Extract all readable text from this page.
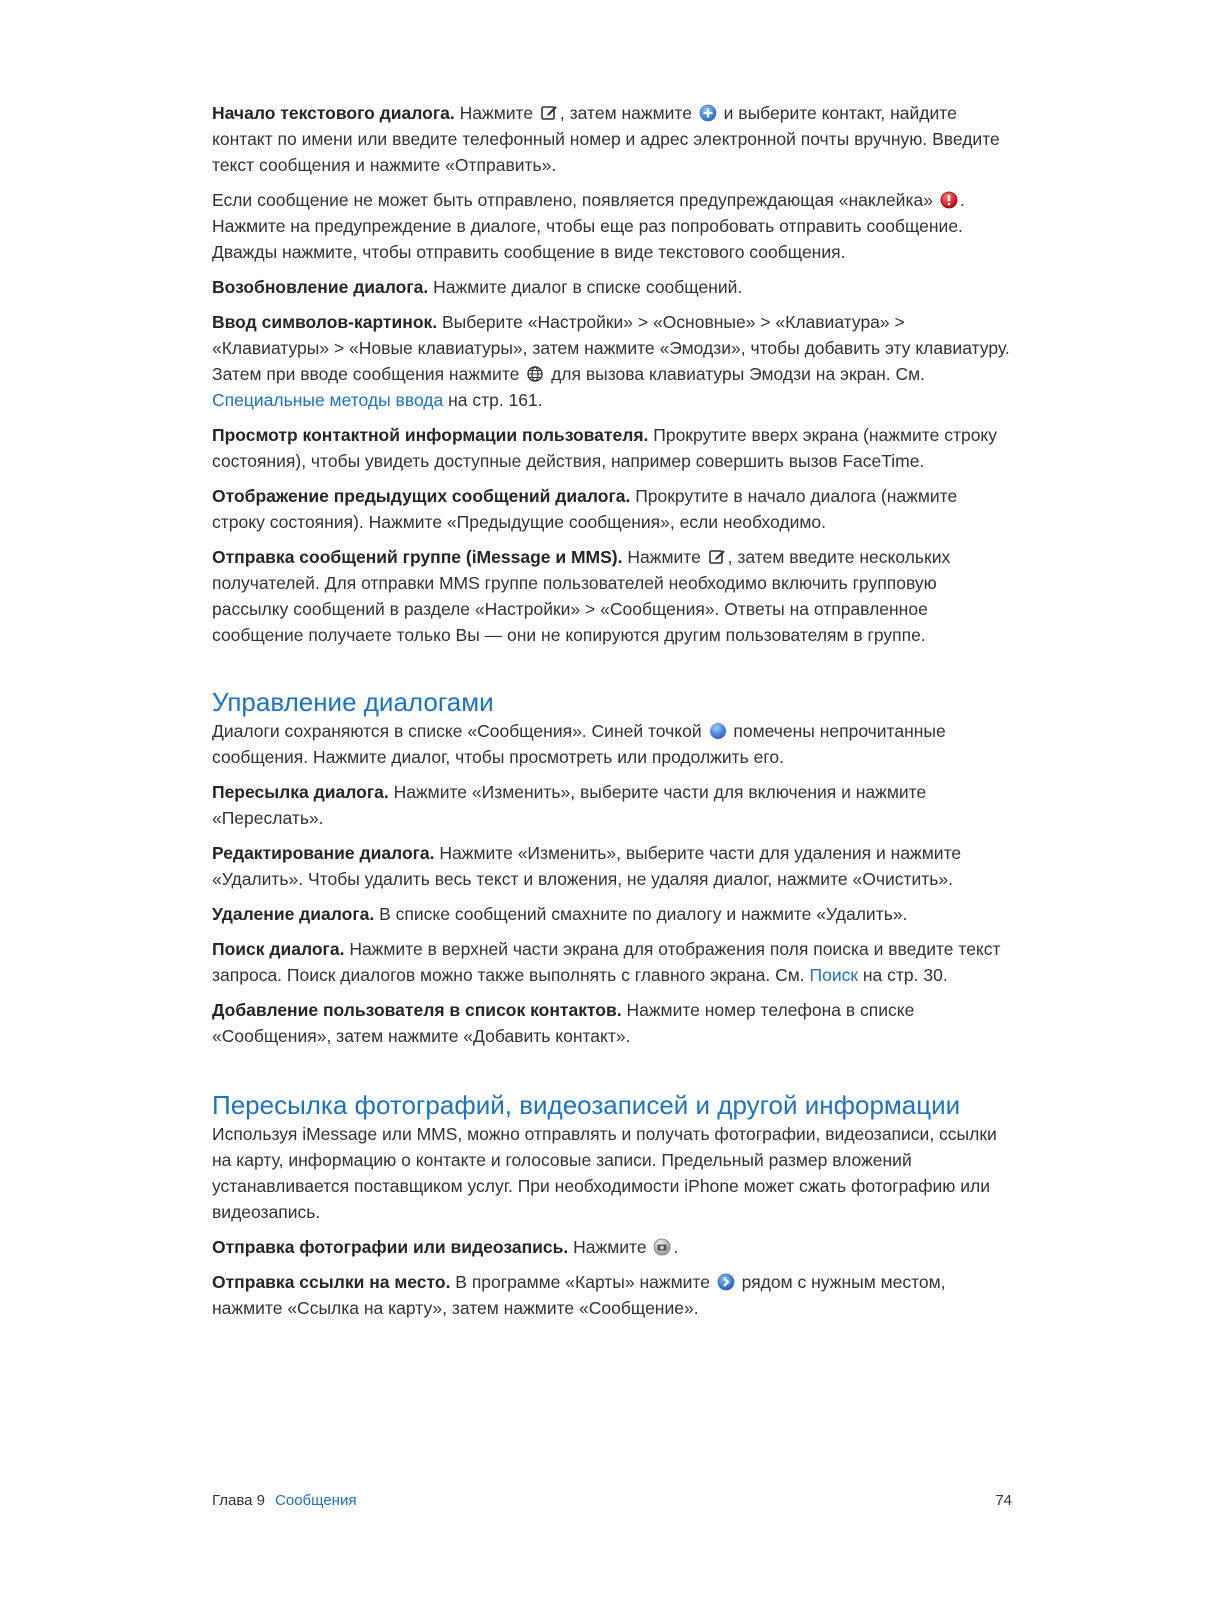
Начало текстового диалога. Нажмите
, затем нажмите
и выберите контакт, найдите контакт по имени или введите телефонный номер и адрес электронной почты вручную. Введите текст сообщения и нажмите «Отправить».

Если сообщение не может быть отправлено, появляется предупреждающая «наклейка»
. Нажмите на предупреждение в диалоге, чтобы еще раз попробовать отправить сообщение. Дважды нажмите, чтобы отправить сообщение в виде текстового сообщения.

Возобновление диалога. Нажмите диалог в списке сообщений.

Ввод символов-картинок. Выберите «Настройки» > «Основные» > «Клавиатура» > «Клавиатуры» > «Новые клавиатуры», затем нажмите «Эмодзи», чтобы добавить эту клавиатуру. Затем при вводе сообщения нажмите
для вызова клавиатуры Эмодзи на экран. См. Специальные методы ввода на стр. 161.

Просмотр контактной информации пользователя. Прокрутите вверх экрана (нажмите строку состояния), чтобы увидеть доступные действия, например совершить вызов FaceTime.

Отображение предыдущих сообщений диалога. Прокрутите в начало диалога (нажмите строку состояния). Нажмите «Предыдущие сообщения», если необходимо.

Отправка сообщений группе (iMessage и MMS). Нажмите
, затем введите нескольких получателей. Для отправки MMS группе пользователей необходимо включить групповую рассылку сообщений в разделе «Настройки» > «Сообщения». Ответы на отправленное сообщение получаете только Вы — они не копируются другим пользователям в группе.

Управление диалогами

Диалоги сохраняются в списке «Сообщения». Синей точкой
помечены непрочитанные сообщения. Нажмите диалог, чтобы просмотреть или продолжить его.

Пересылка диалога. Нажмите «Изменить», выберите части для включения и нажмите «Переслать».

Редактирование диалога. Нажмите «Изменить», выберите части для удаления и нажмите «Удалить». Чтобы удалить весь текст и вложения, не удаляя диалог, нажмите «Очистить».

Удаление диалога. В списке сообщений смахните по диалогу и нажмите «Удалить».

Поиск диалога. Нажмите в верхней части экрана для отображения поля поиска и введите текст запроса. Поиск диалогов можно также выполнять с главного экрана. См. Поиск на стр. 30.

Добавление пользователя в список контактов. Нажмите номер телефона в списке «Сообщения», затем нажмите «Добавить контакт».

Пересылка фотографий, видеозаписей и другой информации

Используя iMessage или MMS, можно отправлять и получать фотографии, видеозаписи, ссылки на карту, информацию о контакте и голосовые записи. Предельный размер вложений устанавливается поставщиком услуг. При необходимости iPhone может сжать фотографию или видеозапись.

Отправка фотографии или видеозапись. Нажмите
.

Отправка ссылки на место. В программе «Карты» нажмите
рядом с нужным местом, нажмите «Ссылка на карту», затем нажмите «Сообщение».

Глава 9 Сообщения	74
